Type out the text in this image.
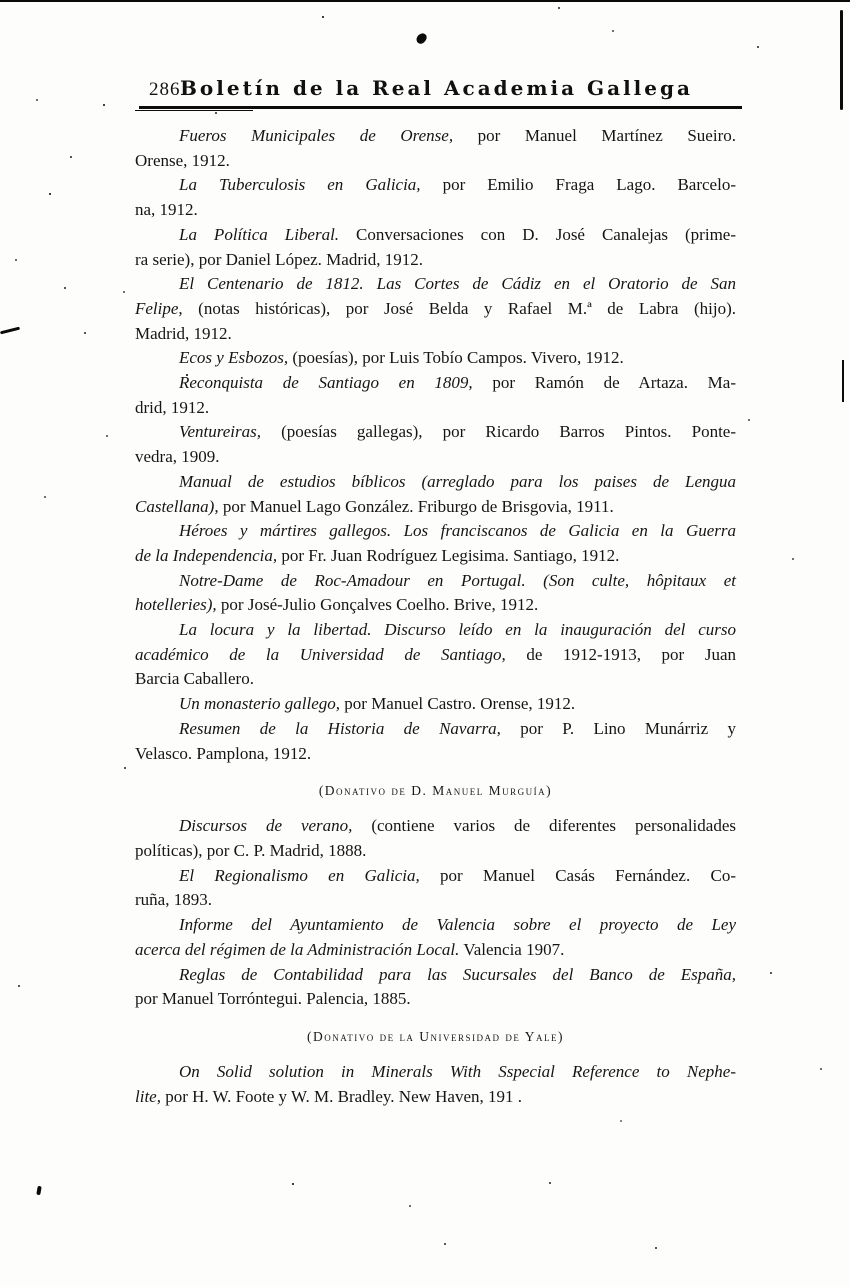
286 Boletín de la Real Academia Gallega

Fueros Municipales de Orense, por Manuel Martínez Sueiro.
Orense, 1912.

La Tuberculosis en Galicia, por Emilio Fraga Lago. Barcelo-
na, 1912.

La Política Liberal. Conversaciones con D. José Canalejas (prime-
ra serie), por Daniel López. Madrid, 1912.

El Centenario de 1812. Las Cortes de Cádiz en el Oratorio de San
Felipe, (notas históricas), por José Belda y Rafael M.ª de Labra (hijo).
Madrid, 1912.

Ecos y Esbozos, (poesías), por Luis Tobío Campos. Vivero, 1912.

Reconquista de Santiago en 1809, por Ramón de Artaza. Ma-
drid, 1912.

Ventureiras, (poesías gallegas), por Ricardo Barros Pintos. Ponte-
vedra, 1909.

Manual de estudios bíblicos (arreglado para los paises de Lengua
Castellana), por Manuel Lago González. Friburgo de Brisgovia, 1911.

Héroes y mártires gallegos. Los franciscanos de Galicia en la Guerra
de la Independencia, por Fr. Juan Rodríguez Legisima. Santiago, 1912.

Notre-Dame de Roc-Amadour en Portugal. (Son culte, hôpitaux et
hotelleries), por José-Julio Gonçalves Coelho. Brive, 1912.

La locura y la libertad. Discurso leído en la inauguración del curso
académico de la Universidad de Santiago, de 1912-1913, por Juan
Barcia Caballero.

Un monasterio gallego, por Manuel Castro. Orense, 1912.

Resumen de la Historia de Navarra, por P. Lino Munárriz y
Velasco. Pamplona, 1912.

(Donativo de D. Manuel Murguía)

Discursos de verano, (contiene varios de diferentes personalidades
políticas), por C. P. Madrid, 1888.

El Regionalismo en Galicia, por Manuel Casás Fernández. Co-
ruña, 1893.

Informe del Ayuntamiento de Valencia sobre el proyecto de Ley
acerca del régimen de la Administración Local. Valencia 1907.

Reglas de Contabilidad para las Sucursales del Banco de España,
por Manuel Torróntegui. Palencia, 1885.

(Donativo de la Universidad de Yale)

On Solid solution in Minerals With Sspecial Reference to Nephe-
lite, por H. W. Foote y W. M. Bradley. New Haven, 191 .
